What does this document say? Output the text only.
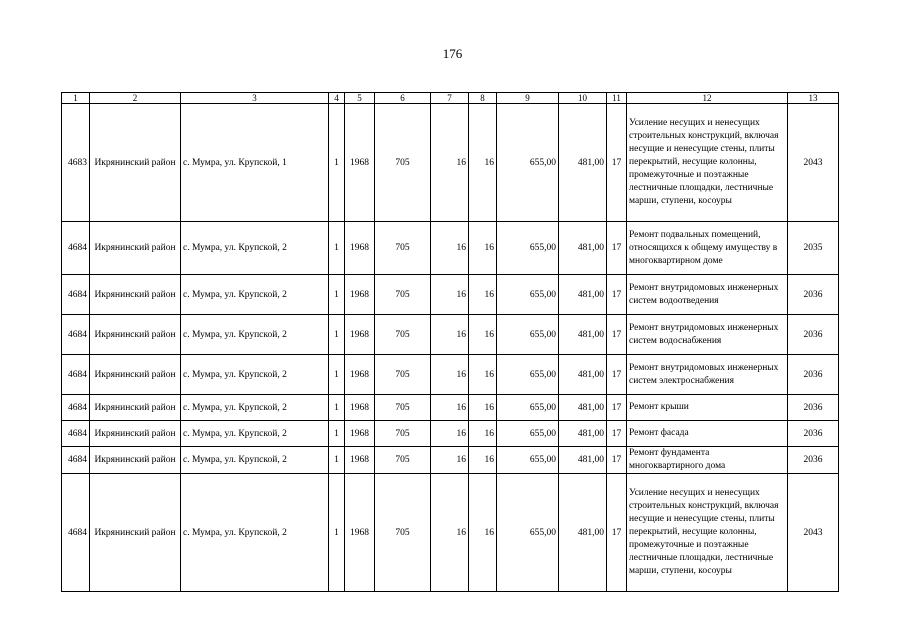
176
1	2	3	4	5	6	7	8	9	10	11	12	13
4683	Икрянинский район	с. Мумра, ул. Крупской, 1	1	1968	705	16	16	655,00	481,00	17	Усиление несущих и ненесущих строительных конструкций, включая несущие и ненесущие стены, плиты перекрытий, несущие колонны, промежуточные и поэтажные лестничные площадки, лестничные марши, ступени, косоуры	2043
4684	Икрянинский район	с. Мумра, ул. Крупской, 2	1	1968	705	16	16	655,00	481,00	17	Ремонт подвальных помещений, относящихся к общему имуществу в многоквартирном доме	2035
4684	Икрянинский район	с. Мумра, ул. Крупской, 2	1	1968	705	16	16	655,00	481,00	17	Ремонт внутридомовых инженерных систем водоотведения	2036
4684	Икрянинский район	с. Мумра, ул. Крупской, 2	1	1968	705	16	16	655,00	481,00	17	Ремонт внутридомовых инженерных систем водоснабжения	2036
4684	Икрянинский район	с. Мумра, ул. Крупской, 2	1	1968	705	16	16	655,00	481,00	17	Ремонт внутридомовых инженерных систем электроснабжения	2036
4684	Икрянинский район	с. Мумра, ул. Крупской, 2	1	1968	705	16	16	655,00	481,00	17	Ремонт крыши	2036
4684	Икрянинский район	с. Мумра, ул. Крупской, 2	1	1968	705	16	16	655,00	481,00	17	Ремонт фасада	2036
4684	Икрянинский район	с. Мумра, ул. Крупской, 2	1	1968	705	16	16	655,00	481,00	17	Ремонт фундамента многоквартирного дома	2036
4684	Икрянинский район	с. Мумра, ул. Крупской, 2	1	1968	705	16	16	655,00	481,00	17	Усиление несущих и ненесущих строительных конструкций, включая несущие и ненесущие стены, плиты перекрытий, несущие колонны, промежуточные и поэтажные лестничные площадки, лестничные марши, ступени, косоуры	2043
